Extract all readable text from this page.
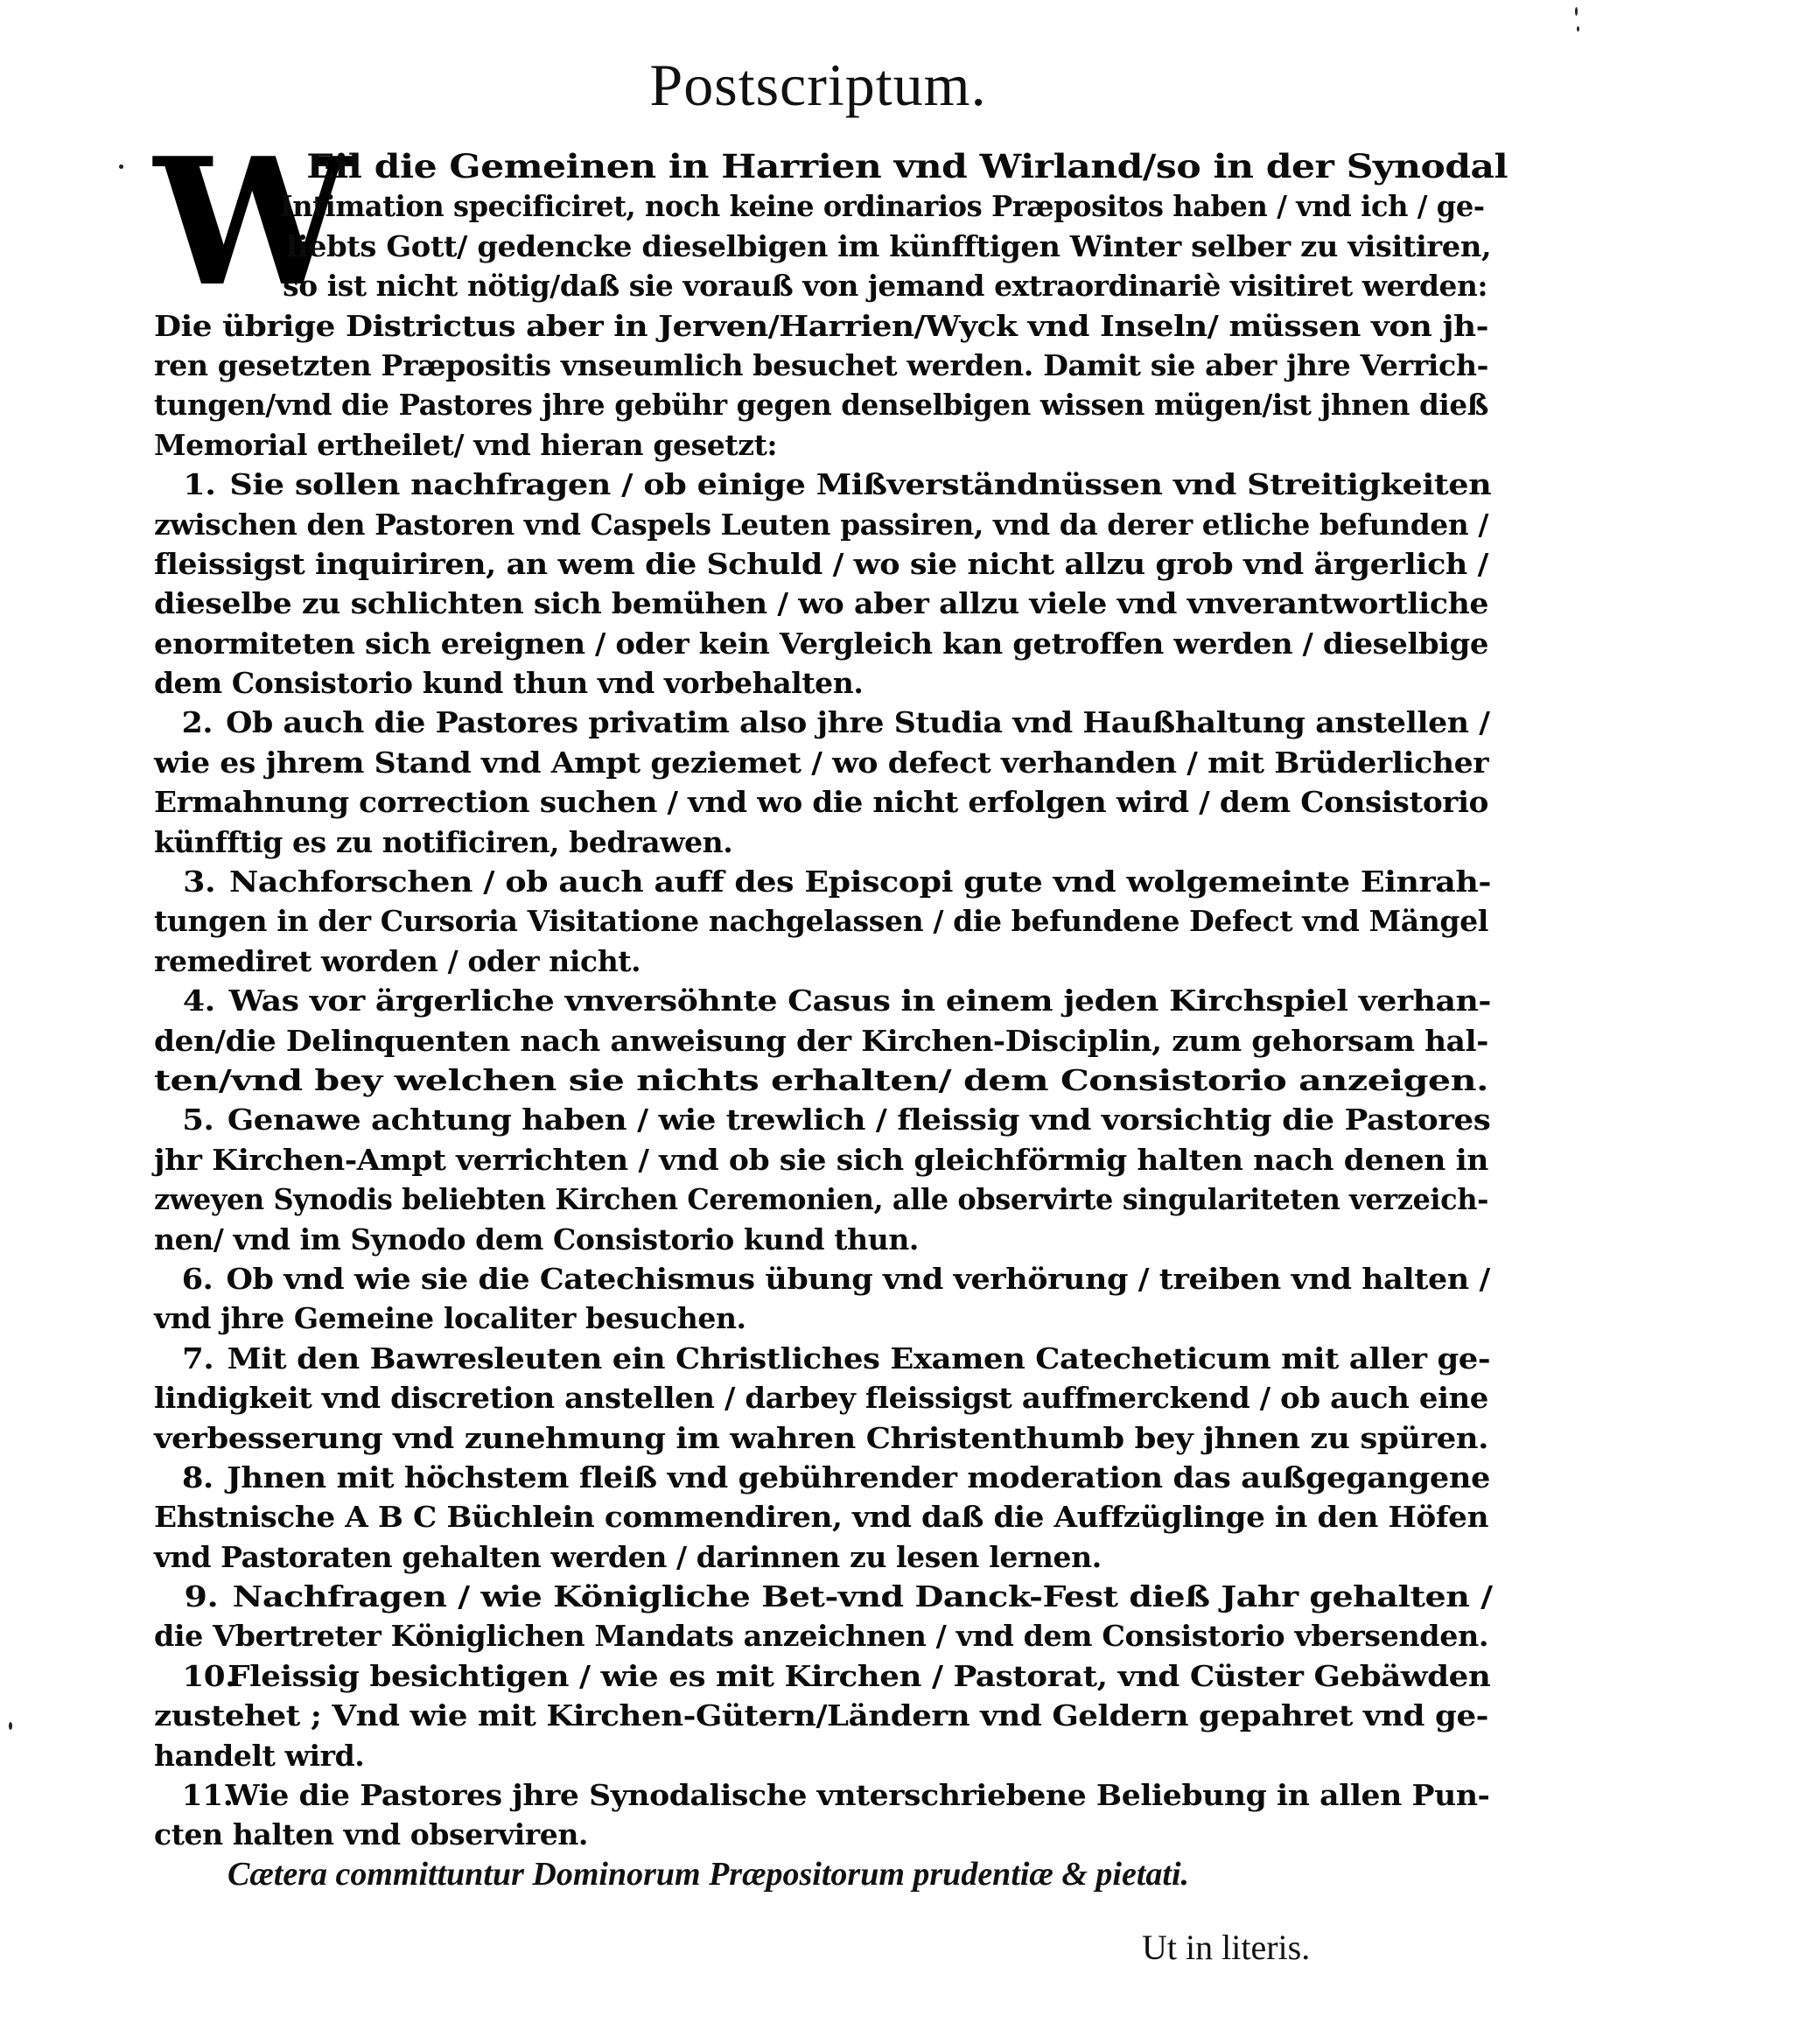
Postscriptum.
W
Eil die Gemeinen in Harrien vnd Wirland/so in der Synodal
Intimation specificiret, noch keine ordinarios Præpositos haben / vnd ich / ge-
liebts Gott/ gedencke dieselbigen im künfftigen Winter selber zu visitiren,
so ist nicht nötig/daß sie vorauß von jemand extraordinariè visitiret werden:
Die übrige Districtus aber in Jerven/Harrien/Wyck vnd Inseln/ müssen von jh-
ren gesetzten Præpositis vnseumlich besuchet werden. Damit sie aber jhre Verrich-
tungen/vnd die Pastores jhre gebühr gegen denselbigen wissen mügen/ist jhnen dieß
Memorial ertheilet/ vnd hieran gesetzt:
1. Sie sollen nachfragen / ob einige Mißverständnüssen vnd Streitigkeiten
zwischen den Pastoren vnd Caspels Leuten passiren, vnd da derer etliche befunden /
fleissigst inquiriren, an wem die Schuld / wo sie nicht allzu grob vnd ärgerlich /
dieselbe zu schlichten sich bemühen / wo aber allzu viele vnd vnverantwortliche
enormiteten sich ereignen / oder kein Vergleich kan getroffen werden / dieselbige
dem Consistorio kund thun vnd vorbehalten.
2. Ob auch die Pastores privatim also jhre Studia vnd Haußhaltung anstellen /
wie es jhrem Stand vnd Ampt geziemet / wo defect verhanden / mit Brüderlicher
Ermahnung correction suchen / vnd wo die nicht erfolgen wird / dem Consistorio
künfftig es zu notificiren, bedrawen.
3. Nachforschen / ob auch auff des Episcopi gute vnd wolgemeinte Einrah-
tungen in der Cursoria Visitatione nachgelassen / die befundene Defect vnd Mängel
remediret worden / oder nicht.
4. Was vor ärgerliche vnversöhnte Casus in einem jeden Kirchspiel verhan-
den/die Delinquenten nach anweisung der Kirchen-Disciplin, zum gehorsam hal-
ten/vnd bey welchen sie nichts erhalten/ dem Consistorio anzeigen.
5. Genawe achtung haben / wie trewlich / fleissig vnd vorsichtig die Pastores
jhr Kirchen-Ampt verrichten / vnd ob sie sich gleichförmig halten nach denen in
zweyen Synodis beliebten Kirchen Ceremonien, alle observirte singulariteten verzeich-
nen/ vnd im Synodo dem Consistorio kund thun.
6. Ob vnd wie sie die Catechismus übung vnd verhörung / treiben vnd halten /
vnd jhre Gemeine localiter besuchen.
7. Mit den Bawresleuten ein Christliches Examen Catecheticum mit aller ge-
lindigkeit vnd discretion anstellen / darbey fleissigst auffmerckend / ob auch eine
verbesserung vnd zunehmung im wahren Christenthumb bey jhnen zu spüren.
8. Jhnen mit höchstem fleiß vnd gebührender moderation das außgegangene
Ehstnische A B C Büchlein commendiren, vnd daß die Auffzüglinge in den Höfen
vnd Pastoraten gehalten werden / darinnen zu lesen lernen.
9. Nachfragen / wie Königliche Bet-vnd Danck-Fest dieß Jahr gehalten /
die Vbertreter Königlichen Mandats anzeichnen / vnd dem Consistorio vbersenden.
10.Fleissig besichtigen / wie es mit Kirchen / Pastorat, vnd Cüster Gebäwden
zustehet ; Vnd wie mit Kirchen-Gütern/Ländern vnd Geldern gepahret vnd ge-
handelt wird.
11.Wie die Pastores jhre Synodalische vnterschriebene Beliebung in allen Pun-
cten halten vnd observiren.
Cætera committuntur Dominorum Præpositorum prudentiæ & pietati.
Ut in literis.
